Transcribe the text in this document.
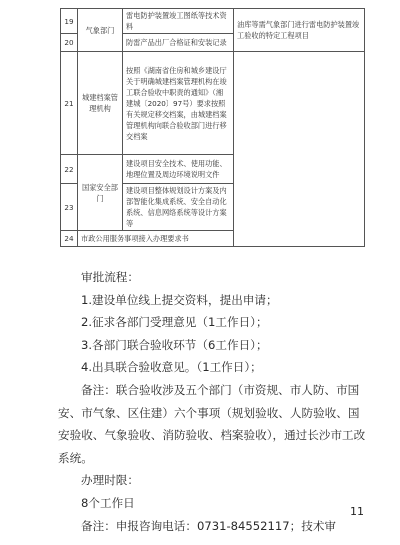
19	气象部门	雷电防护装置竣工图纸等技术资料	油库等需气象部门进行雷电防护装置竣工验收的特定工程项目
20		防雷产品出厂合格证和安装记录	
21	城建档案管理机构	按照《湖南省住房和城乡建设厅关于明确城建档案管理机构在竣工联合验收中职责的通知》（湘建城〔2020〕97号）要求按照有关规定移交档案，由城建档案管理机构向联合验收部门进行移交档案	
22	国家安全部门	建设项目安全技术、使用功能、地理位置及周边环境说明文件	
23		建设项目整体规划设计方案及内部智能化集成系统、安全自动化系统、信息网络系统等设计方案等	
24	市政公用服务事项接入办理要求书		

审批流程：

1.建设单位线上提交资料，提出申请；

2.征求各部门受理意见（1工作日）；

3.各部门联合验收环节（6工作日）；

4.出具联合验收意见。（1工作日）；

备注：联合验收涉及五个部门（市资规、市人防、市国安、市气象、区住建）六个事项（规划验收、人防验收、国安验收、气象验收、消防验收、档案验收），通过长沙市工改系统。

办理时限：

8个工作日

备注：申报咨询电话：0731-84552117；技术审

11
